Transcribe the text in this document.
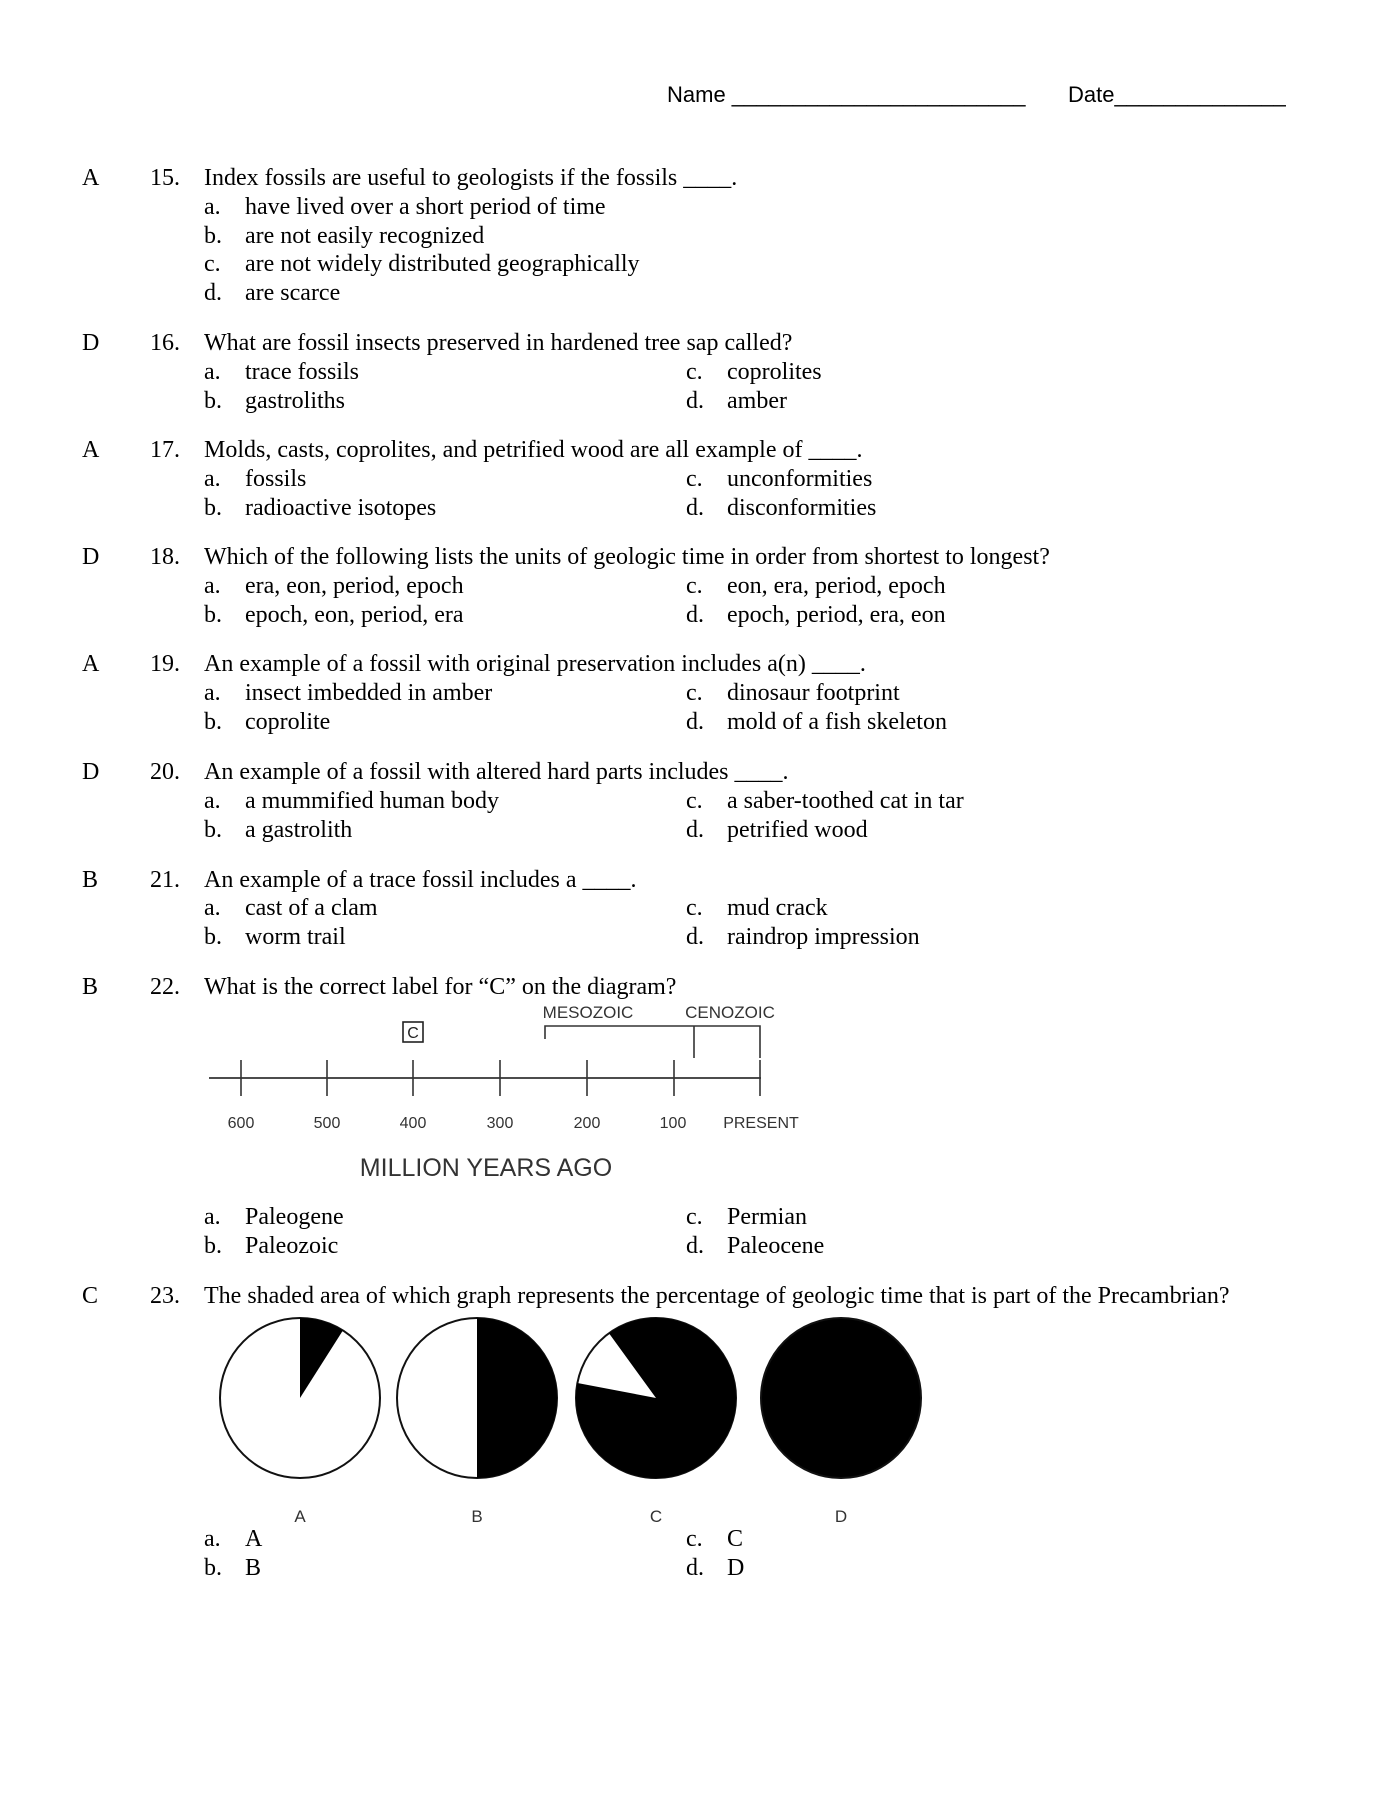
Name ________________________ Date______________
A 15. Index fossils are useful to geologists if the fossils ____.
a. have lived over a short period of time
b. are not easily recognized
c. are not widely distributed geographically
d. are scarce
D 16. What are fossil insects preserved in hardened tree sap called?
a. trace fossils
b. gastroliths
c. coprolites
d. amber
A 17. Molds, casts, coprolites, and petrified wood are all example of ____.
a. fossils
b. radioactive isotopes
c. unconformities
d. disconformities
D 18. Which of the following lists the units of geologic time in order from shortest to longest?
a. era, eon, period, epoch
b. epoch, eon, period, era
c. eon, era, period, epoch
d. epoch, period, era, eon
A 19. An example of a fossil with original preservation includes a(n) ____.
a. insect imbedded in amber
b. coprolite
c. dinosaur footprint
d. mold of a fish skeleton
D 20. An example of a fossil with altered hard parts includes ____.
a. a mummified human body
b. a gastrolith
c. a saber-toothed cat in tar
d. petrified wood
B 21. An example of a trace fossil includes a ____.
a. cast of a clam
b. worm trail
c. mud crack
d. raindrop impression
B 22. What is the correct label for “C” on the diagram?
C
MESOZOIC	CENOZOIC
600	500	400	300	200	100 PRESENT
MILLION YEARS AGO
a. Paleogene
b. Paleozoic
c. Permian
d. Paleocene
C 23. The shaded area of which graph represents the percentage of geologic time that is part of the Precambrian?
A	B	C	D
a. A
b. B
c. C
d. D
